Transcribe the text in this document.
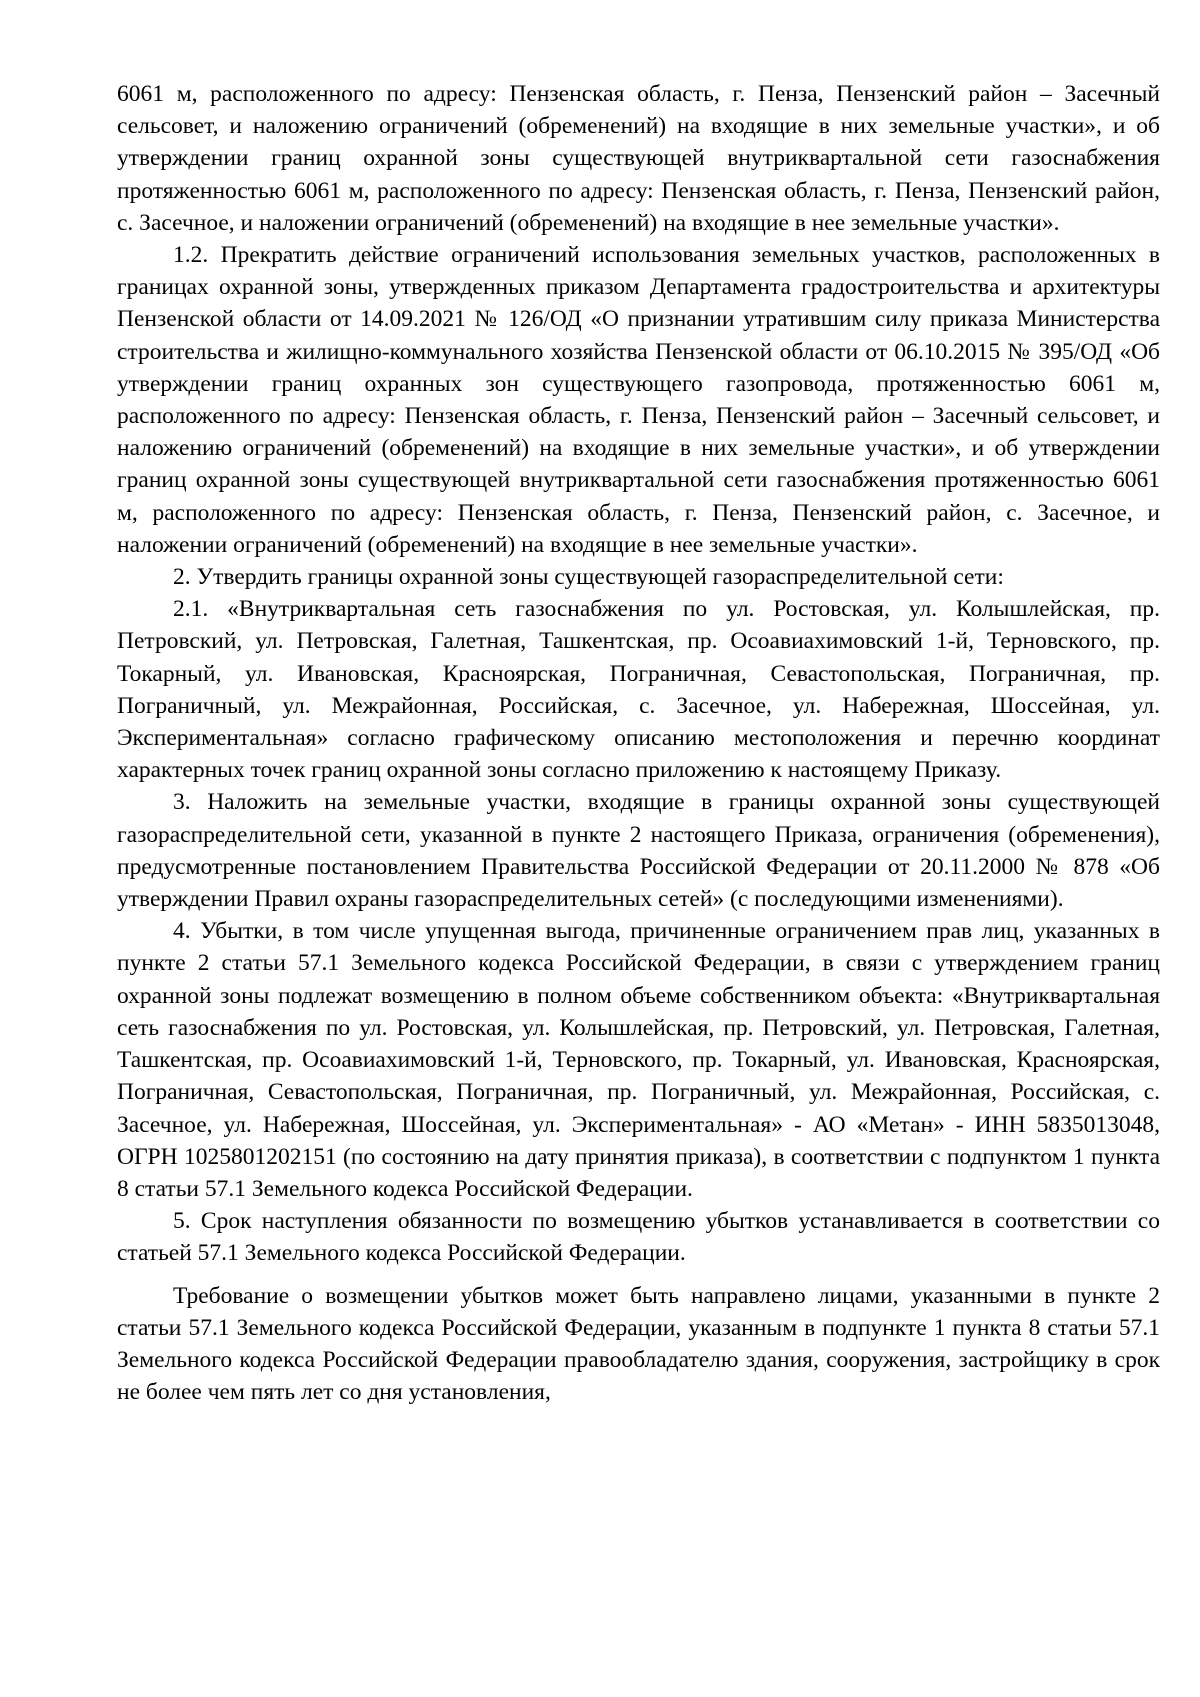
6061 м, расположенного по адресу: Пензенская область, г. Пенза, Пензенский район – Засечный сельсовет, и наложению ограничений (обременений) на входящие в них земельные участки», и об утверждении границ охранной зоны существующей внутриквартальной сети газоснабжения протяженностью 6061 м, расположенного по адресу: Пензенская область, г. Пенза, Пензенский район, с. Засечное, и наложении ограничений (обременений) на входящие в нее земельные участки».

1.2. Прекратить действие ограничений использования земельных участков, расположенных в границах охранной зоны, утвержденных приказом Департамента градостроительства и архитектуры Пензенской области от 14.09.2021 № 126/ОД «О признании утратившим силу приказа Министерства строительства и жилищно-коммунального хозяйства Пензенской области от 06.10.2015 № 395/ОД «Об утверждении границ охранных зон существующего газопровода, протяженностью 6061 м, расположенного по адресу: Пензенская область, г. Пенза, Пензенский район – Засечный сельсовет, и наложению ограничений (обременений) на входящие в них земельные участки», и об утверждении границ охранной зоны существующей внутриквартальной сети газоснабжения протяженностью 6061 м, расположенного по адресу: Пензенская область, г. Пенза, Пензенский район, с. Засечное, и наложении ограничений (обременений) на входящие в нее земельные участки».

2. Утвердить границы охранной зоны существующей газораспределительной сети:

2.1. «Внутриквартальная сеть газоснабжения по ул. Ростовская, ул. Колышлейская, пр. Петровский, ул. Петровская, Галетная, Ташкентская, пр. Осоавиахимовский 1-й, Терновского, пр. Токарный, ул. Ивановская, Красноярская, Пограничная, Севастопольская, Пограничная, пр. Пограничный, ул. Межрайонная, Российская, с. Засечное, ул. Набережная, Шоссейная, ул. Экспериментальная» согласно графическому описанию местоположения и перечню координат характерных точек границ охранной зоны согласно приложению к настоящему Приказу.

3. Наложить на земельные участки, входящие в границы охранной зоны существующей газораспределительной сети, указанной в пункте 2 настоящего Приказа, ограничения (обременения), предусмотренные постановлением Правительства Российской Федерации от 20.11.2000 № 878 «Об утверждении Правил охраны газораспределительных сетей» (с последующими изменениями).

4. Убытки, в том числе упущенная выгода, причиненные ограничением прав лиц, указанных в пункте 2 статьи 57.1 Земельного кодекса Российской Федерации, в связи с утверждением границ охранной зоны подлежат возмещению в полном объеме собственником объекта: «Внутриквартальная сеть газоснабжения по ул. Ростовская, ул. Колышлейская, пр. Петровский, ул. Петровская, Галетная, Ташкентская, пр. Осоавиахимовский 1-й, Терновского, пр. Токарный, ул. Ивановская, Красноярская, Пограничная, Севастопольская, Пограничная, пр. Пограничный, ул. Межрайонная, Российская, с. Засечное, ул. Набережная, Шоссейная, ул. Экспериментальная» - АО «Метан» - ИНН 5835013048, ОГРН 1025801202151 (по состоянию на дату принятия приказа), в соответствии с подпунктом 1 пункта 8 статьи 57.1 Земельного кодекса Российской Федерации.

5. Срок наступления обязанности по возмещению убытков устанавливается в соответствии со статьей 57.1 Земельного кодекса Российской Федерации.

Требование о возмещении убытков может быть направлено лицами, указанными в пункте 2 статьи 57.1 Земельного кодекса Российской Федерации, указанным в подпункте 1 пункта 8 статьи 57.1 Земельного кодекса Российской Федерации правообладателю здания, сооружения, застройщику в срок не более чем пять лет со дня установления,
